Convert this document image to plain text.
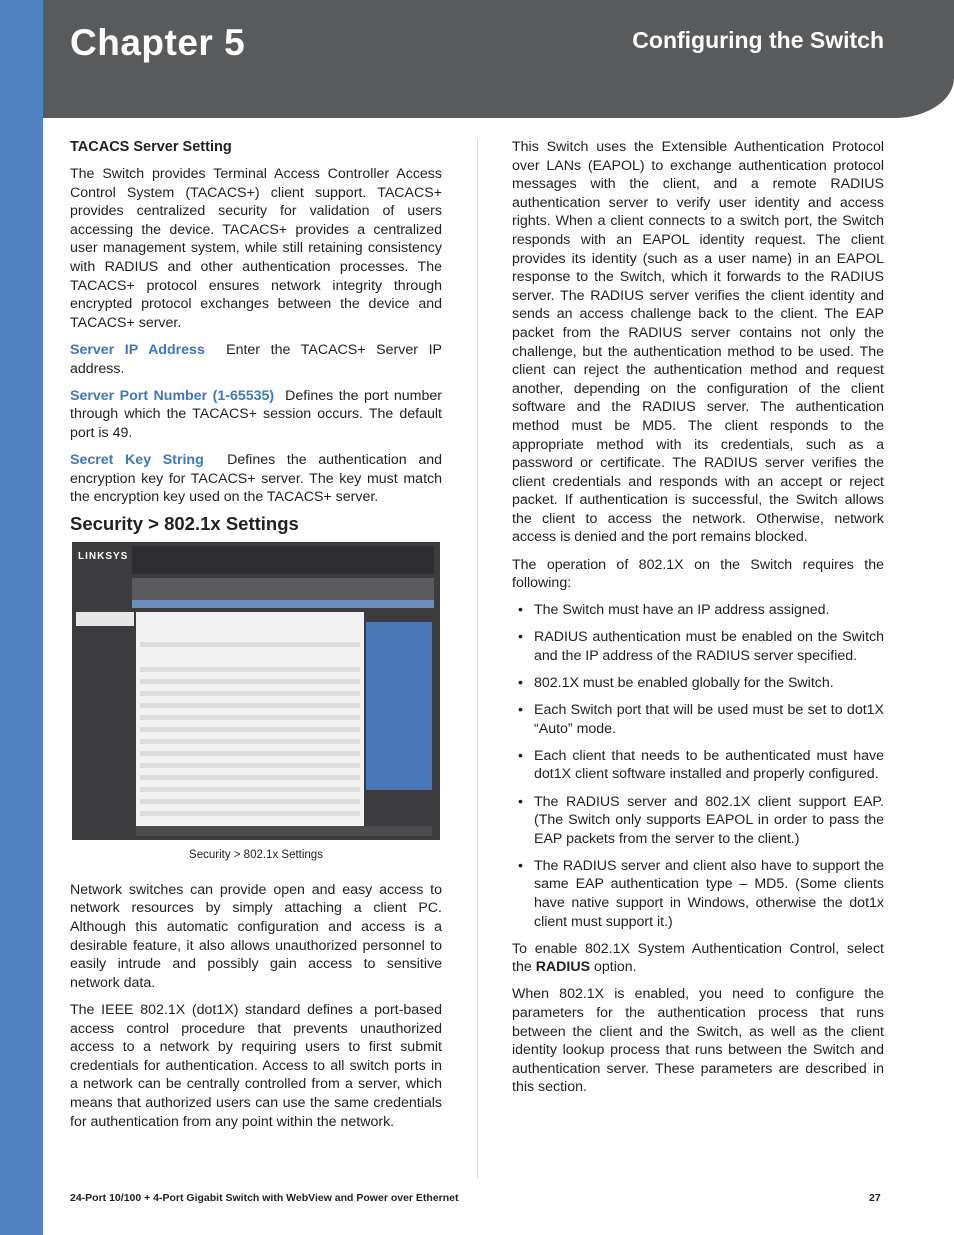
Chapter 5	Configuring the Switch

TACACS Server Setting

The Switch provides Terminal Access Controller Access Control System (TACACS+) client support. TACACS+ provides centralized security for validation of users accessing the device. TACACS+ provides a centralized user management system, while still retaining consistency with RADIUS and other authentication processes. The TACACS+ protocol ensures network integrity through encrypted protocol exchanges between the device and TACACS+ server.

Server IP Address Enter the TACACS+ Server IP address.

Server Port Number (1-65535) Defines the port number through which the TACACS+ session occurs. The default port is 49.

Secret Key String Defines the authentication and encryption key for TACACS+ server. The key must match the encryption key used on the TACACS+ server.

Security > 802.1x Settings

LINKSYS
Security > 802.1x Settings

Network switches can provide open and easy access to network resources by simply attaching a client PC. Although this automatic configuration and access is a desirable feature, it also allows unauthorized personnel to easily intrude and possibly gain access to sensitive network data.

The IEEE 802.1X (dot1X) standard defines a port-based access control procedure that prevents unauthorized access to a network by requiring users to first submit credentials for authentication. Access to all switch ports in a network can be centrally controlled from a server, which means that authorized users can use the same credentials for authentication from any point within the network.

This Switch uses the Extensible Authentication Protocol over LANs (EAPOL) to exchange authentication protocol messages with the client, and a remote RADIUS authentication server to verify user identity and access rights. When a client connects to a switch port, the Switch responds with an EAPOL identity request. The client provides its identity (such as a user name) in an EAPOL response to the Switch, which it forwards to the RADIUS server. The RADIUS server verifies the client identity and sends an access challenge back to the client. The EAP packet from the RADIUS server contains not only the challenge, but the authentication method to be used. The client can reject the authentication method and request another, depending on the configuration of the client software and the RADIUS server. The authentication method must be MD5. The client responds to the appropriate method with its credentials, such as a password or certificate. The RADIUS server verifies the client credentials and responds with an accept or reject packet. If authentication is successful, the Switch allows the client to access the network. Otherwise, network access is denied and the port remains blocked.

The operation of 802.1X on the Switch requires the following:

• The Switch must have an IP address assigned.
• RADIUS authentication must be enabled on the Switch and the IP address of the RADIUS server specified.
• 802.1X must be enabled globally for the Switch.
• Each Switch port that will be used must be set to dot1X “Auto” mode.
• Each client that needs to be authenticated must have dot1X client software installed and properly configured.
• The RADIUS server and 802.1X client support EAP. (The Switch only supports EAPOL in order to pass the EAP packets from the server to the client.)
• The RADIUS server and client also have to support the same EAP authentication type – MD5. (Some clients have native support in Windows, otherwise the dot1x client must support it.)

To enable 802.1X System Authentication Control, select the RADIUS option.

When 802.1X is enabled, you need to configure the parameters for the authentication process that runs between the client and the Switch, as well as the client identity lookup process that runs between the Switch and authentication server. These parameters are described in this section.

24-Port 10/100 + 4-Port Gigabit Switch with WebView and Power over Ethernet	27
